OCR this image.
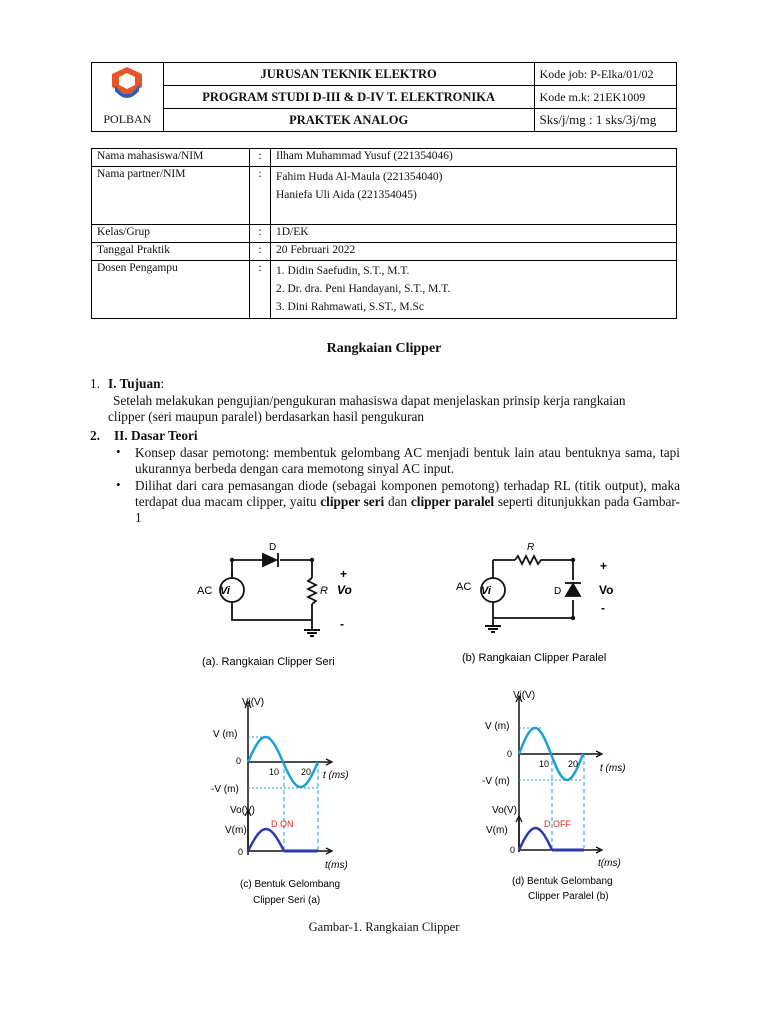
	JURUSAN TEKNIK ELEKTRO	Kode job: P-Elka/01/02
	PROGRAM STUDI D-III & D-IV T. ELEKTRONIKA	Kode m.k: 21EK1009
POLBAN	PRAKTEK ANALOG	Sks/j/mg : 1 sks/3j/mg
Nama mahasiswa/NIM	:	Ilham Muhammad Yusuf (221354046)
Nama partner/NIM	:	Fahim Huda Al-Maula (221354040)
Haniefa Uli Aida (221354045)

Kelas/Grup	:	1D/EK
Tanggal Praktik	:	20 Februari 2022
Dosen Pengampu	:	1. Didin Saefudin, S.T., M.T.
2. Dr. dra. Peni Handayani, S.T., M.T.
3. Dini Rahmawati, S.ST., M.Sc
Rangkaian Clipper
1. I. Tujuan:
Setelah melakukan pengujian/pengukuran mahasiswa dapat menjelaskan prinsip kerja rangkaian clipper (seri maupun paralel) berdasarkan hasil pengukuran
2. II. Dasar Teori
• Konsep dasar pemotong: membentuk gelombang AC menjadi bentuk lain atau bentuknya sama, tapi ukurannya berbeda dengan cara memotong sinyal AC input.
• Dilihat dari cara pemasangan diode (sebagai komponen pemotong) terhadap RL (titik output), maka terdapat dua macam clipper, yaitu clipper seri dan clipper paralel seperti ditunjukkan pada Gambar-1
Vi
AC
D
R
+
Vo
-
(a). Rangkaian Clipper Seri
Vi
AC
R
D
+
Vo
-
(b) Rangkaian Clipper Paralel
Vi(V)
V (m)
0
-V (m)
10 20 t (ms)
Vo(V)
V(m)
0
D ON
t(ms)
(c) Bentuk Gelombang
Clipper Seri (a)
Vi(V)
V (m)
0
-V (m)
10 20 t (ms)
Vo(V)
V(m)
0
D OFF
t(ms)
(d) Bentuk Gelombang
Clipper Paralel (b)
Gambar-1. Rangkaian Clipper
